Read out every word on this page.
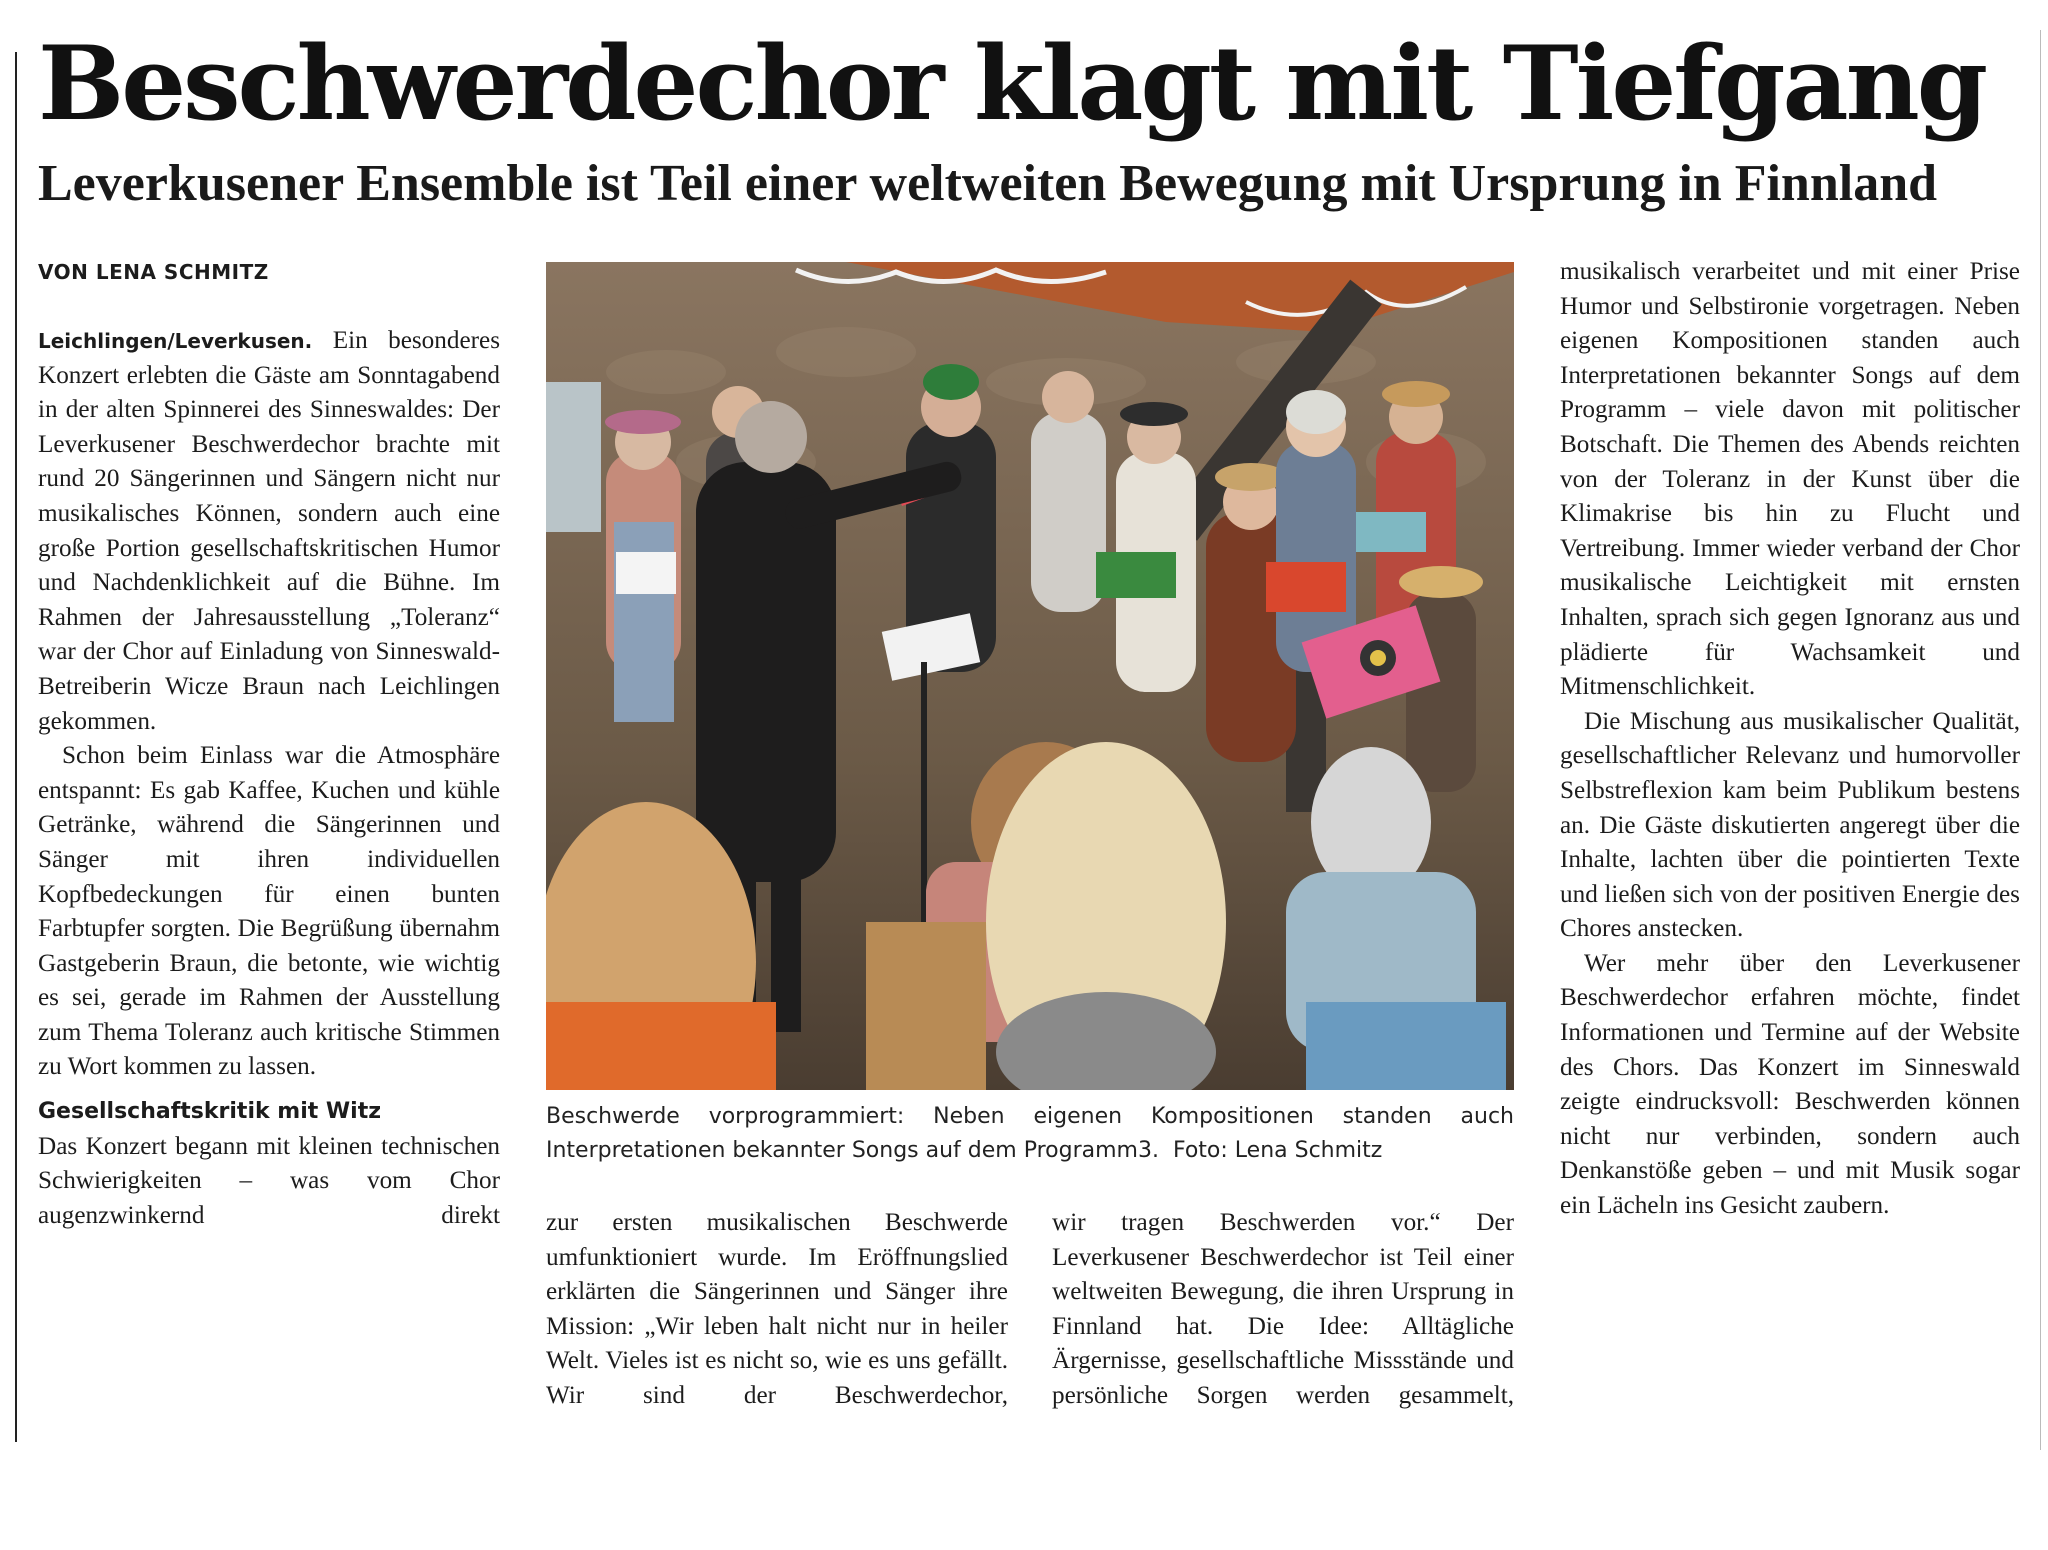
Beschwerdechor klagt mit Tiefgang
Leverkusener Ensemble ist Teil einer weltweiten Bewegung mit Ursprung in Finnland
VON LENA SCHMITZ

Leichlingen/Leverkusen. Ein besonderes Konzert erlebten die Gäste am Sonntagabend in der alten Spinnerei des Sinneswaldes: Der Leverkusener Beschwerdechor brachte mit rund 20 Sängerinnen und Sängern nicht nur musikalisches Können, sondern auch eine große Portion gesellschaftskritischen Humor und Nachdenklichkeit auf die Bühne. Im Rahmen der Jahresausstellung „Toleranz“ war der Chor auf Einladung von Sinneswald-Betreiberin Wicze Braun nach Leichlingen gekommen.

Schon beim Einlass war die Atmosphäre entspannt: Es gab Kaffee, Kuchen und kühle Getränke, während die Sängerinnen und Sänger mit ihren individuellen Kopfbedeckungen für einen bunten Farbtupfer sorgten. Die Begrüßung übernahm Gastgeberin Braun, die betonte, wie wichtig es sei, gerade im Rahmen der Ausstellung zum Thema Toleranz auch kritische Stimmen zu Wort kommen zu lassen.

Gesellschaftskritik mit Witz

Das Konzert begann mit kleinen technischen Schwierigkeiten – was vom Chor augenzwinkernd direkt

Beschwerde vorprogrammiert: Neben eigenen Kompositionen standen auch Interpretationen bekannter Songs auf dem Programm3. Foto: Lena Schmitz

zur ersten musikalischen Beschwerde umfunktioniert wurde. Im Eröffnungslied erklärten die Sängerinnen und Sänger ihre Mission: „Wir leben halt nicht nur in heiler Welt. Vieles ist es nicht so, wie es uns gefällt. Wir sind der Beschwerdechor,

wir tragen Beschwerden vor.“ Der Leverkusener Beschwerdechor ist Teil einer weltweiten Bewegung, die ihren Ursprung in Finnland hat. Die Idee: Alltägliche Ärgernisse, gesellschaftliche Missstände und persönliche Sorgen werden gesammelt,

musikalisch verarbeitet und mit einer Prise Humor und Selbstironie vorgetragen. Neben eigenen Kompositionen standen auch Interpretationen bekannter Songs auf dem Programm – viele davon mit politischer Botschaft. Die Themen des Abends reichten von der Toleranz in der Kunst über die Klimakrise bis hin zu Flucht und Vertreibung. Immer wieder verband der Chor musikalische Leichtigkeit mit ernsten Inhalten, sprach sich gegen Ignoranz aus und plädierte für Wachsamkeit und Mitmenschlichkeit.

Die Mischung aus musikalischer Qualität, gesellschaftlicher Relevanz und humorvoller Selbstreflexion kam beim Publikum bestens an. Die Gäste diskutierten angeregt über die Inhalte, lachten über die pointierten Texte und ließen sich von der positiven Energie des Chores anstecken.

Wer mehr über den Leverkusener Beschwerdechor erfahren möchte, findet Informationen und Termine auf der Website des Chors. Das Konzert im Sinneswald zeigte eindrucksvoll: Beschwerden können nicht nur verbinden, sondern auch Denkanstöße geben – und mit Musik sogar ein Lächeln ins Gesicht zaubern.
